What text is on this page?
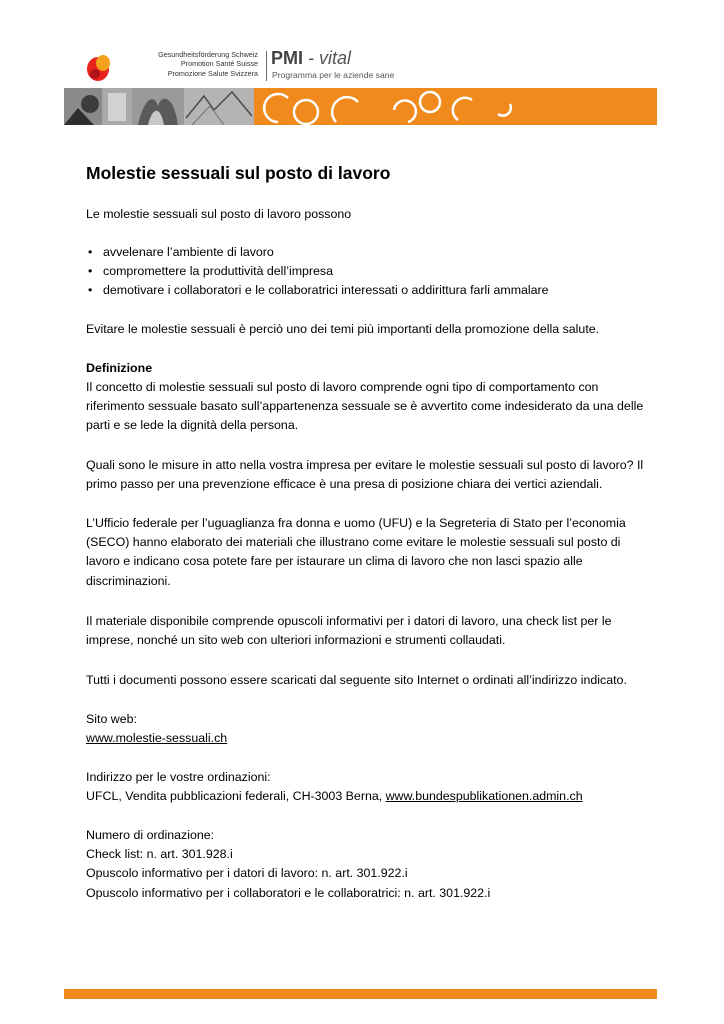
Gesundheitsförderung Schweiz
Promotion Santé Suisse
Promozione Salute Svizzera
PMI - vital
Programma per le aziende sane
Molestie sessuali sul posto di lavoro

Le molestie sessuali sul posto di lavoro possono

• avvelenare l’ambiente di lavoro
• compromettere la produttività dell’impresa
• demotivare i collaboratori e le collaboratrici interessati o addirittura farli ammalare

Evitare le molestie sessuali è perciò uno dei temi più importanti della promozione della salute.

Definizione

Il concetto di molestie sessuali sul posto di lavoro comprende ogni tipo di comportamento con
riferimento sessuale basato sull’appartenenza sessuale se è avvertito come indesiderato da una delle
parti e se lede la dignità della persona.
Quali sono le misure in atto nella vostra impresa per evitare le molestie sessuali sul posto di lavoro? Il
primo passo per una prevenzione efficace è una presa di posizione chiara dei vertici aziendali.
L’Ufficio federale per l’uguaglianza fra donna e uomo (UFU) e la Segreteria di Stato per l’economia
(SECO) hanno elaborato dei materiali che illustrano come evitare le molestie sessuali sul posto di
lavoro e indicano cosa potete fare per istaurare un clima di lavoro che non lasci spazio alle
discriminazioni.
Il materiale disponibile comprende opuscoli informativi per i datori di lavoro, una check list per le
imprese, nonché un sito web con ulteriori informazioni e strumenti collaudati.

Tutti i documenti possono essere scaricati dal seguente sito Internet o ordinati all’indirizzo indicato.

Sito web:
www.molestie-sessuali.ch
Indirizzo per le vostre ordinazioni:
UFCL, Vendita pubblicazioni federali, CH-3003 Berna, www.bundespublikationen.admin.ch
Numero di ordinazione:
Check list: n. art. 301.928.i
Opuscolo informativo per i datori di lavoro: n. art. 301.922.i
Opuscolo informativo per i collaboratori e le collaboratrici: n. art. 301.922.i
